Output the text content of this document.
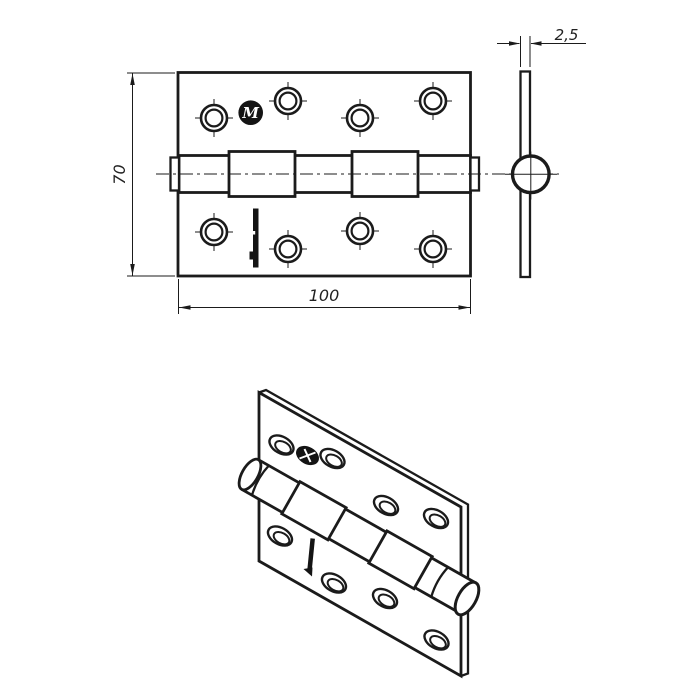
M
70
100
2,5
